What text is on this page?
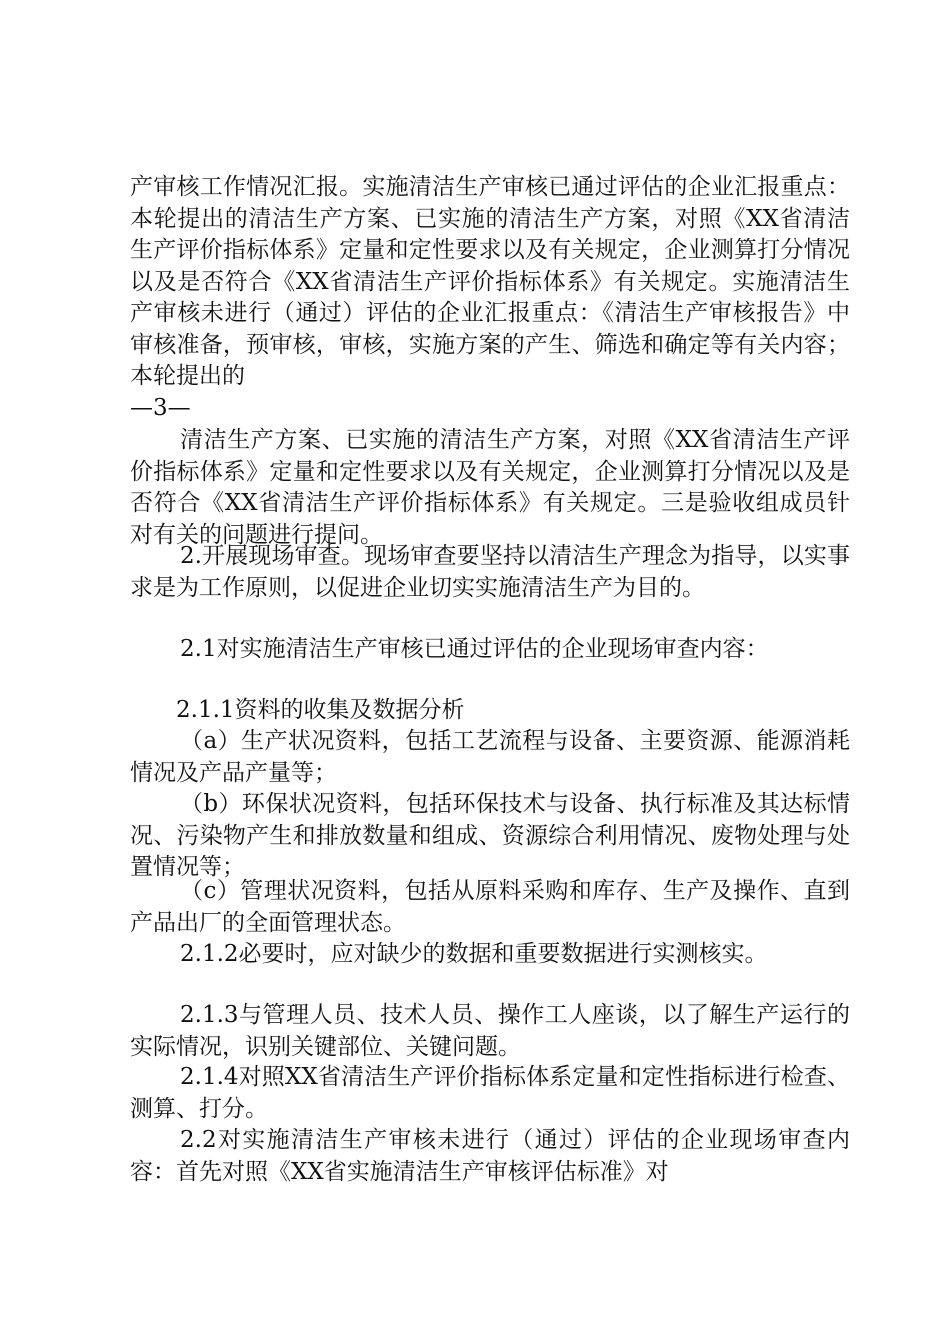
产审核工作情况汇报。实施清洁生产审核已通过评估的企业汇报重点：本轮提出的清洁生产方案、已实施的清洁生产方案，对照《XX省清洁生产评价指标体系》定量和定性要求以及有关规定，企业测算打分情况以及是否符合《XX省清洁生产评价指标体系》有关规定。实施清洁生产审核未进行（通过）评估的企业汇报重点：《清洁生产审核报告》中审核准备，预审核，审核，实施方案的产生、筛选和确定等有关内容；本轮提出的

—3—

清洁生产方案、已实施的清洁生产方案，对照《XX省清洁生产评价指标体系》定量和定性要求以及有关规定，企业测算打分情况以及是否符合《XX省清洁生产评价指标体系》有关规定。三是验收组成员针对有关的问题进行提问。

2.开展现场审查。现场审查要坚持以清洁生产理念为指导，以实事求是为工作原则，以促进企业切实实施清洁生产为目的。

2.1对实施清洁生产审核已通过评估的企业现场审查内容：

2.1.1资料的收集及数据分析

（a）生产状况资料，包括工艺流程与设备、主要资源、能源消耗情况及产品产量等；

（b）环保状况资料，包括环保技术与设备、执行标准及其达标情况、污染物产生和排放数量和组成、资源综合利用情况、废物处理与处置情况等；

（c）管理状况资料，包括从原料采购和库存、生产及操作、直到产品出厂的全面管理状态。

2.1.2必要时，应对缺少的数据和重要数据进行实测核实。

2.1.3与管理人员、技术人员、操作工人座谈，以了解生产运行的实际情况，识别关键部位、关键问题。

2.1.4对照XX省清洁生产评价指标体系定量和定性指标进行检查、测算、打分。

2.2对实施清洁生产审核未进行（通过）评估的企业现场审查内容：首先对照《XX省实施清洁生产审核评估标准》对
